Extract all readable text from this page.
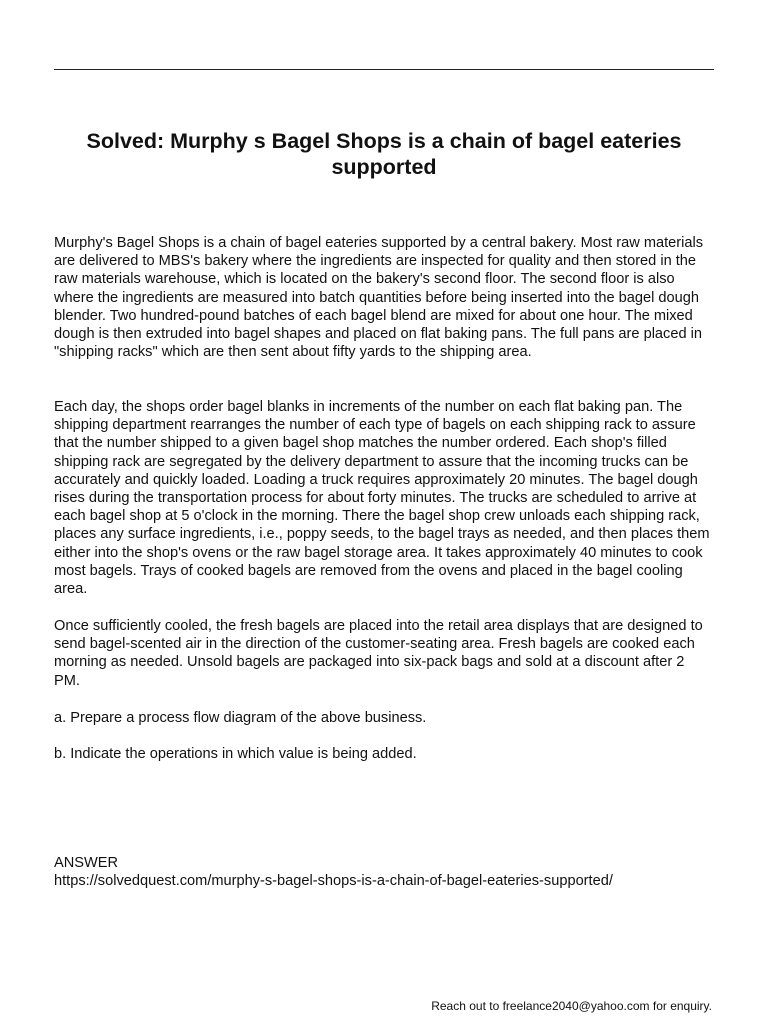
Solved: Murphy s Bagel Shops is a chain of bagel eateries supported

Murphy's Bagel Shops is a chain of bagel eateries supported by a central bakery. Most raw materials are delivered to MBS's bakery where the ingredients are inspected for quality and then stored in the raw materials warehouse, which is located on the bakery's second floor. The second floor is also where the ingredients are measured into batch quantities before being inserted into the bagel dough blender. Two hundred-pound batches of each bagel blend are mixed for about one hour. The mixed dough is then extruded into bagel shapes and placed on flat baking pans. The full pans are placed in "shipping racks" which are then sent about fifty yards to the shipping area.

Each day, the shops order bagel blanks in increments of the number on each flat baking pan. The shipping department rearranges the number of each type of bagels on each shipping rack to assure that the number shipped to a given bagel shop matches the number ordered. Each shop's filled shipping rack are segregated by the delivery department to assure that the incoming trucks can be accurately and quickly loaded. Loading a truck requires approximately 20 minutes. The bagel dough rises during the transportation process for about forty minutes. The trucks are scheduled to arrive at each bagel shop at 5 o'clock in the morning. There the bagel shop crew unloads each shipping rack, places any surface ingredients, i.e., poppy seeds, to the bagel trays as needed, and then places them either into the shop's ovens or the raw bagel storage area. It takes approximately 40 minutes to cook most bagels. Trays of cooked bagels are removed from the ovens and placed in the bagel cooling area.

Once sufficiently cooled, the fresh bagels are placed into the retail area displays that are designed to send bagel-scented air in the direction of the customer-seating area. Fresh bagels are cooked each morning as needed. Unsold bagels are packaged into six-pack bags and sold at a discount after 2 PM.

a. Prepare a process flow diagram of the above business.

b. Indicate the operations in which value is being added.

ANSWER

https://solvedquest.com/murphy-s-bagel-shops-is-a-chain-of-bagel-eateries-supported/

Reach out to freelance2040@yahoo.com for enquiry.
